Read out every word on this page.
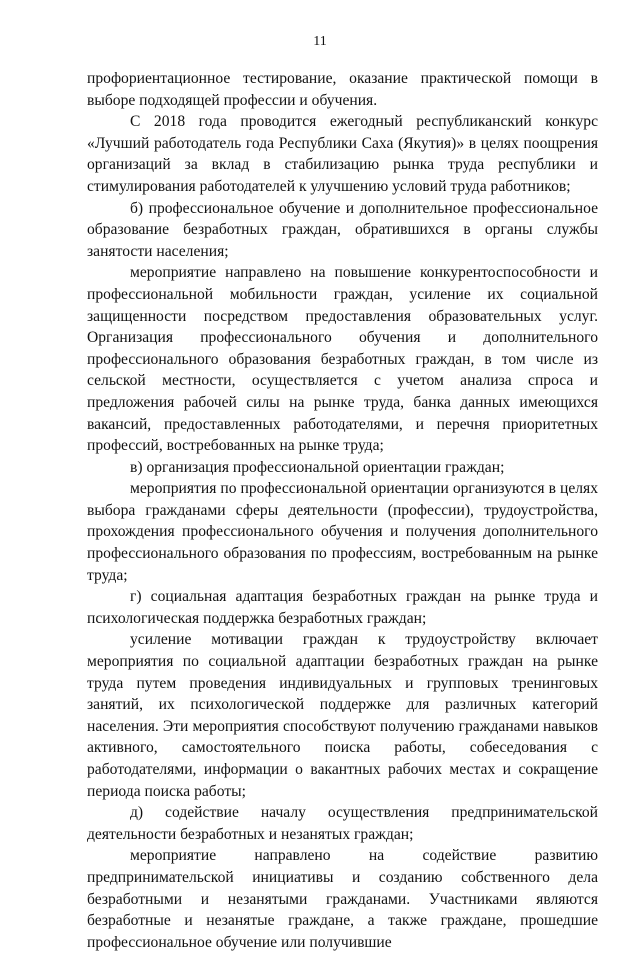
11

профориентационное тестирование, оказание практической помощи в выборе подходящей профессии и обучения.

С 2018 года проводится ежегодный республиканский конкурс «Лучший работодатель года Республики Саха (Якутия)» в целях поощрения организаций за вклад в стабилизацию рынка труда республики и стимулирования работодателей к улучшению условий труда работников;

б) профессиональное обучение и дополнительное профессиональное образование безработных граждан, обратившихся в органы службы занятости населения;

мероприятие направлено на повышение конкурентоспособности и профессиональной мобильности граждан, усиление их социальной защищенности посредством предоставления образовательных услуг. Организация профессионального обучения и дополнительного профессионального образования безработных граждан, в том числе из сельской местности, осуществляется с учетом анализа спроса и предложения рабочей силы на рынке труда, банка данных имеющихся вакансий, предоставленных работодателями, и перечня приоритетных профессий, востребованных на рынке труда;

в) организация профессиональной ориентации граждан;

мероприятия по профессиональной ориентации организуются в целях выбора гражданами сферы деятельности (профессии), трудоустройства, прохождения профессионального обучения и получения дополнительного профессионального образования по профессиям, востребованным на рынке труда;

г) социальная адаптация безработных граждан на рынке труда и психологическая поддержка безработных граждан;

усиление мотивации граждан к трудоустройству включает мероприятия по социальной адаптации безработных граждан на рынке труда путем проведения индивидуальных и групповых тренинговых занятий, их психологической поддержке для различных категорий населения. Эти мероприятия способствуют получению гражданами навыков активного, самостоятельного поиска работы, собеседования с работодателями, информации о вакантных рабочих местах и сокращение периода поиска работы;

д) содействие началу осуществления предпринимательской деятельности безработных и незанятых граждан;

мероприятие направлено на содействие развитию предпринимательской инициативы и созданию собственного дела безработными и незанятыми гражданами. Участниками являются безработные и незанятые граждане, а также граждане, прошедшие профессиональное обучение или получившие
